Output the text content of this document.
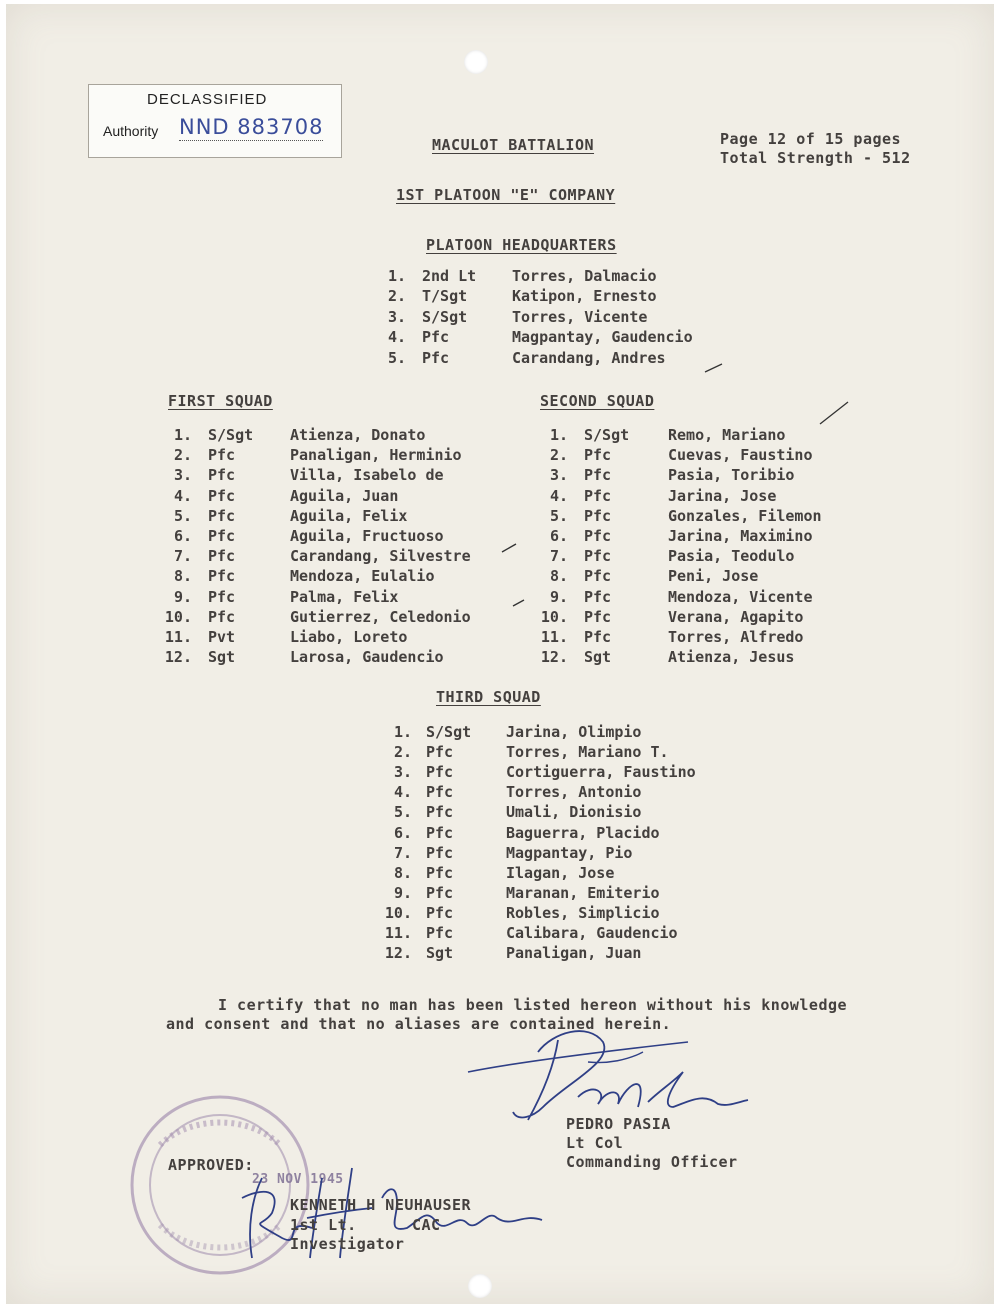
DECLASSIFIED
Authority NND 883708
MACULOT BATTALION	Page 12 of 15 pages
Total Strength - 512
1ST PLATOON "E" COMPANY
PLATOON HEADQUARTERS
1. 2nd Lt Torres, Dalmacio
2. T/Sgt	Katipon, Ernesto
3. S/Sgt	Torres, Vicente
4. Pfc	Magpantay, Gaudencio
5. Pfc	Carandang, Andres
FIRST SQUAD
1. S/Sgt Atienza, Donato
2. Pfc	Panaligan, Herminio
3. Pfc	Villa, Isabelo de
4. Pfc	Aguila, Juan
5. Pfc	Aguila, Felix
6. Pfc	Aguila, Fructuoso
7. Pfc	Carandang, Silvestre
8. Pfc	Mendoza, Eulalio
9. Pfc	Palma, Felix
10. Pfc	Gutierrez, Celedonio
11. Pvt	Liabo, Loreto
12. Sgt	Larosa, Gaudencio
SECOND SQUAD
1. S/Sgt	Remo, Mariano
2. Pfc	Cuevas, Faustino
3. Pfc	Pasia, Toribio
4. Pfc	Jarina, Jose
5. Pfc	Gonzales, Filemon
6. Pfc	Jarina, Maximino
7. Pfc	Pasia, Teodulo
8. Pfc	Peni, Jose
9. Pfc	Mendoza, Vicente
10. Pfc	Verana, Agapito
11. Pfc	Torres, Alfredo
12. Sgt	Atienza, Jesus
THIRD SQUAD
1. S/Sgt Jarina, Olimpio
2. Pfc	Torres, Mariano T.
3. Pfc	Cortiguerra, Faustino
4. Pfc	Torres, Antonio
5. Pfc	Umali, Dionisio
6. Pfc	Baguerra, Placido
7. Pfc	Magpantay, Pio
8. Pfc	Ilagan, Jose
9. Pfc	Maranan, Emiterio
10. Pfc	Robles, Simplicio
11. Pfc	Calibara, Gaudencio
12. Sgt	Panaligan, Juan
I certify that no man has been listed hereon without his knowledge
and consent and that no aliases are contained herein.
PEDRO PASIA
Lt Col
Commanding Officer
APPROVED:
23 NOV 1945
KENNETH H NEUHAUSER
CAC
1st Lt.
Investigator
